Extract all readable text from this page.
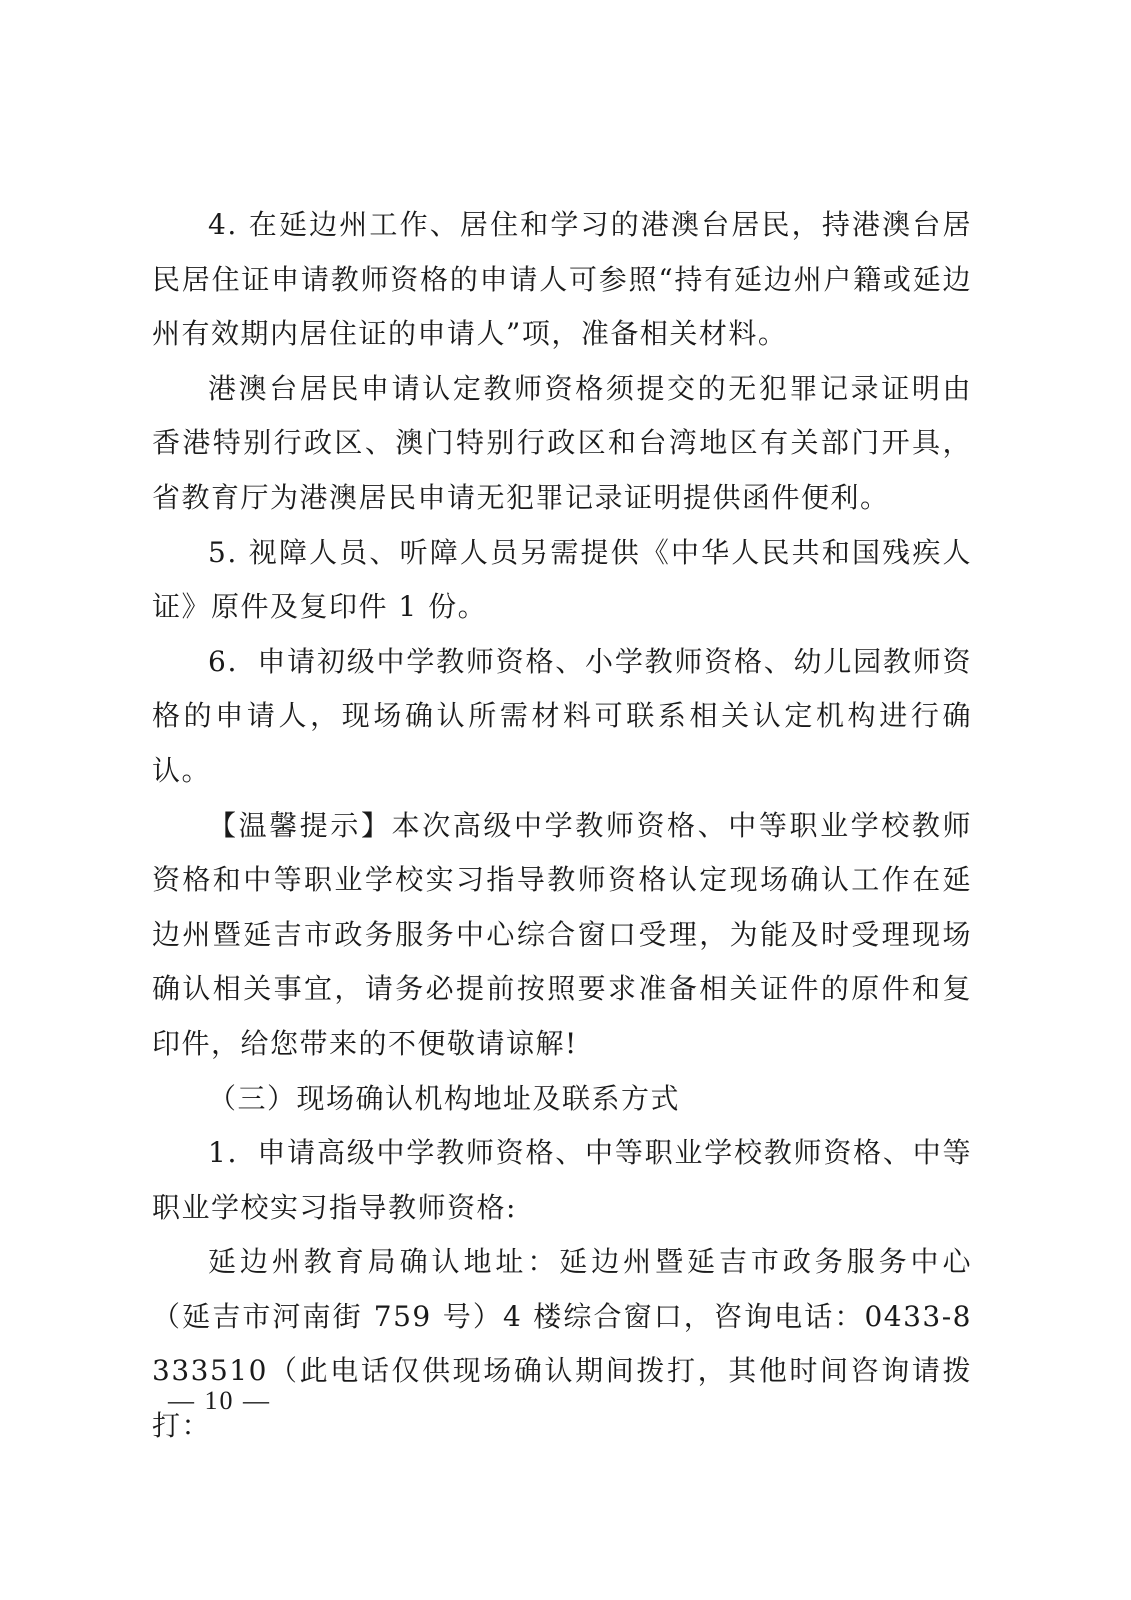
4. 在延边州工作、居住和学习的港澳台居民，持港澳台居民居住证申请教师资格的申请人可参照“持有延边州户籍或延边州有效期内居住证的申请人”项，准备相关材料。

港澳台居民申请认定教师资格须提交的无犯罪记录证明由香港特别行政区、澳门特别行政区和台湾地区有关部门开具，省教育厅为港澳居民申请无犯罪记录证明提供函件便利。

5. 视障人员、听障人员另需提供《中华人民共和国残疾人证》原件及复印件 1 份。

6．申请初级中学教师资格、小学教师资格、幼儿园教师资格的申请人，现场确认所需材料可联系相关认定机构进行确认。

【温馨提示】本次高级中学教师资格、中等职业学校教师资格和中等职业学校实习指导教师资格认定现场确认工作在延边州暨延吉市政务服务中心综合窗口受理，为能及时受理现场确认相关事宜，请务必提前按照要求准备相关证件的原件和复印件，给您带来的不便敬请谅解!

（三）现场确认机构地址及联系方式

1．申请高级中学教师资格、中等职业学校教师资格、中等职业学校实习指导教师资格:

延边州教育局确认地址：延边州暨延吉市政务服务中心（延吉市河南街 759 号）4 楼综合窗口，咨询电话：0433-8333510（此电话仅供现场确认期间拨打，其他时间咨询请拨打：

— 10 —
